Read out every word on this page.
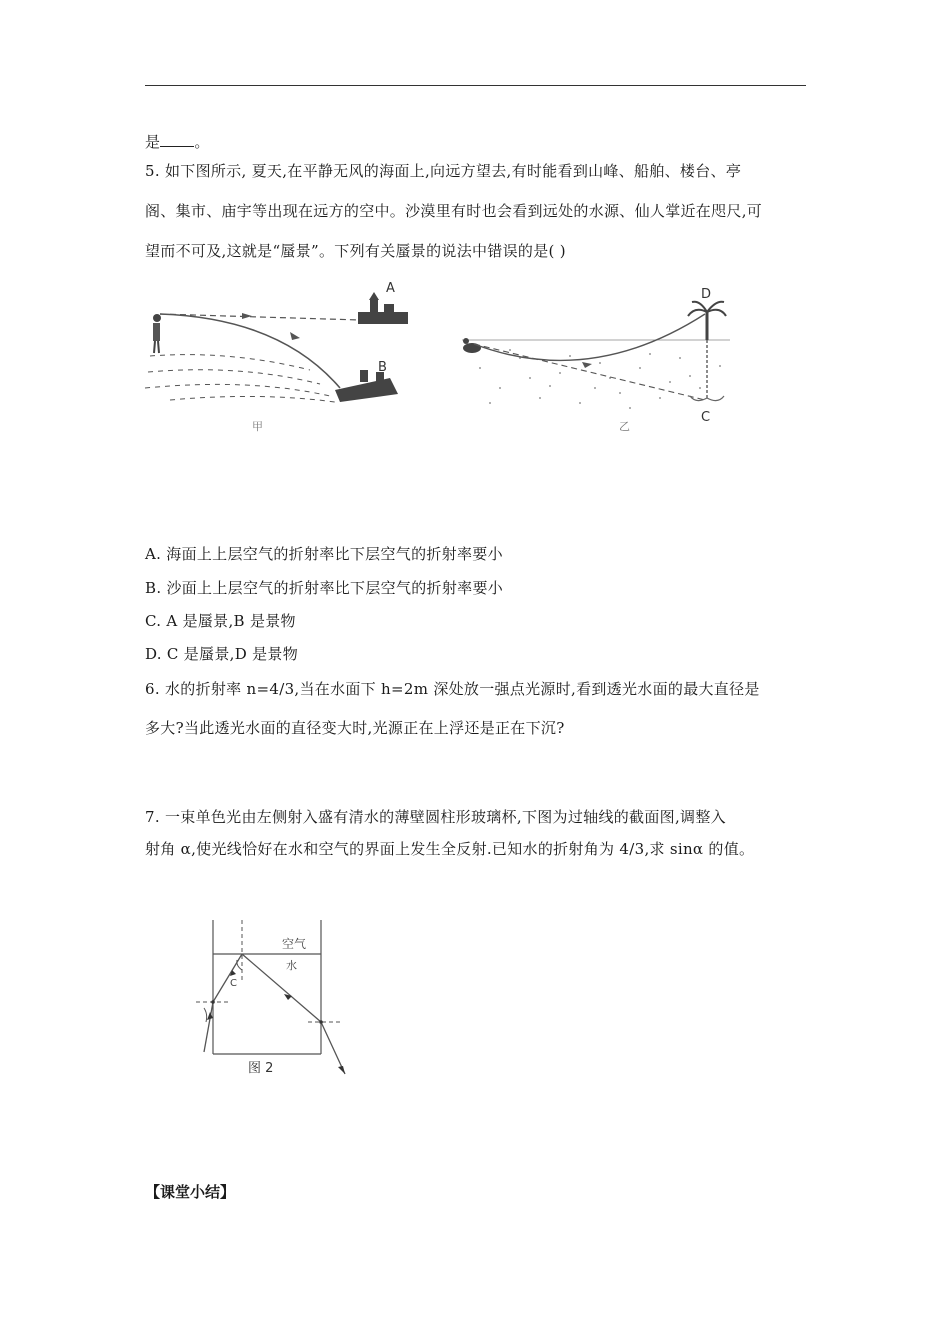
是 。
5. 如下图所示, 夏天,在平静无风的海面上,向远方望去,有时能看到山峰、船舶、楼台、亭
阁、集市、庙宇等出现在远方的空中。沙漠里有时也会看到远处的水源、仙人掌近在咫尺,可
望而不可及,这就是“蜃景”。下列有关蜃景的说法中错误的是( )
A
B
甲
D
C
乙
A. 海面上上层空气的折射率比下层空气的折射率要小
B. 沙面上上层空气的折射率比下层空气的折射率要小
C. A 是蜃景,B 是景物
D. C 是蜃景,D 是景物
6. 水的折射率 n=4/3,当在水面下 h=2m 深处放一强点光源时,看到透光水面的最大直径是
多大?当此透光水面的直径变大时,光源正在上浮还是正在下沉?
7. 一束单色光由左侧射入盛有清水的薄壁圆柱形玻璃杯,下图为过轴线的截面图,调整入
射角 α,使光线恰好在水和空气的界面上发生全反射.已知水的折射角为 4/3,求 sinα 的值。
空气
水
C
图 2
【课堂小结】
